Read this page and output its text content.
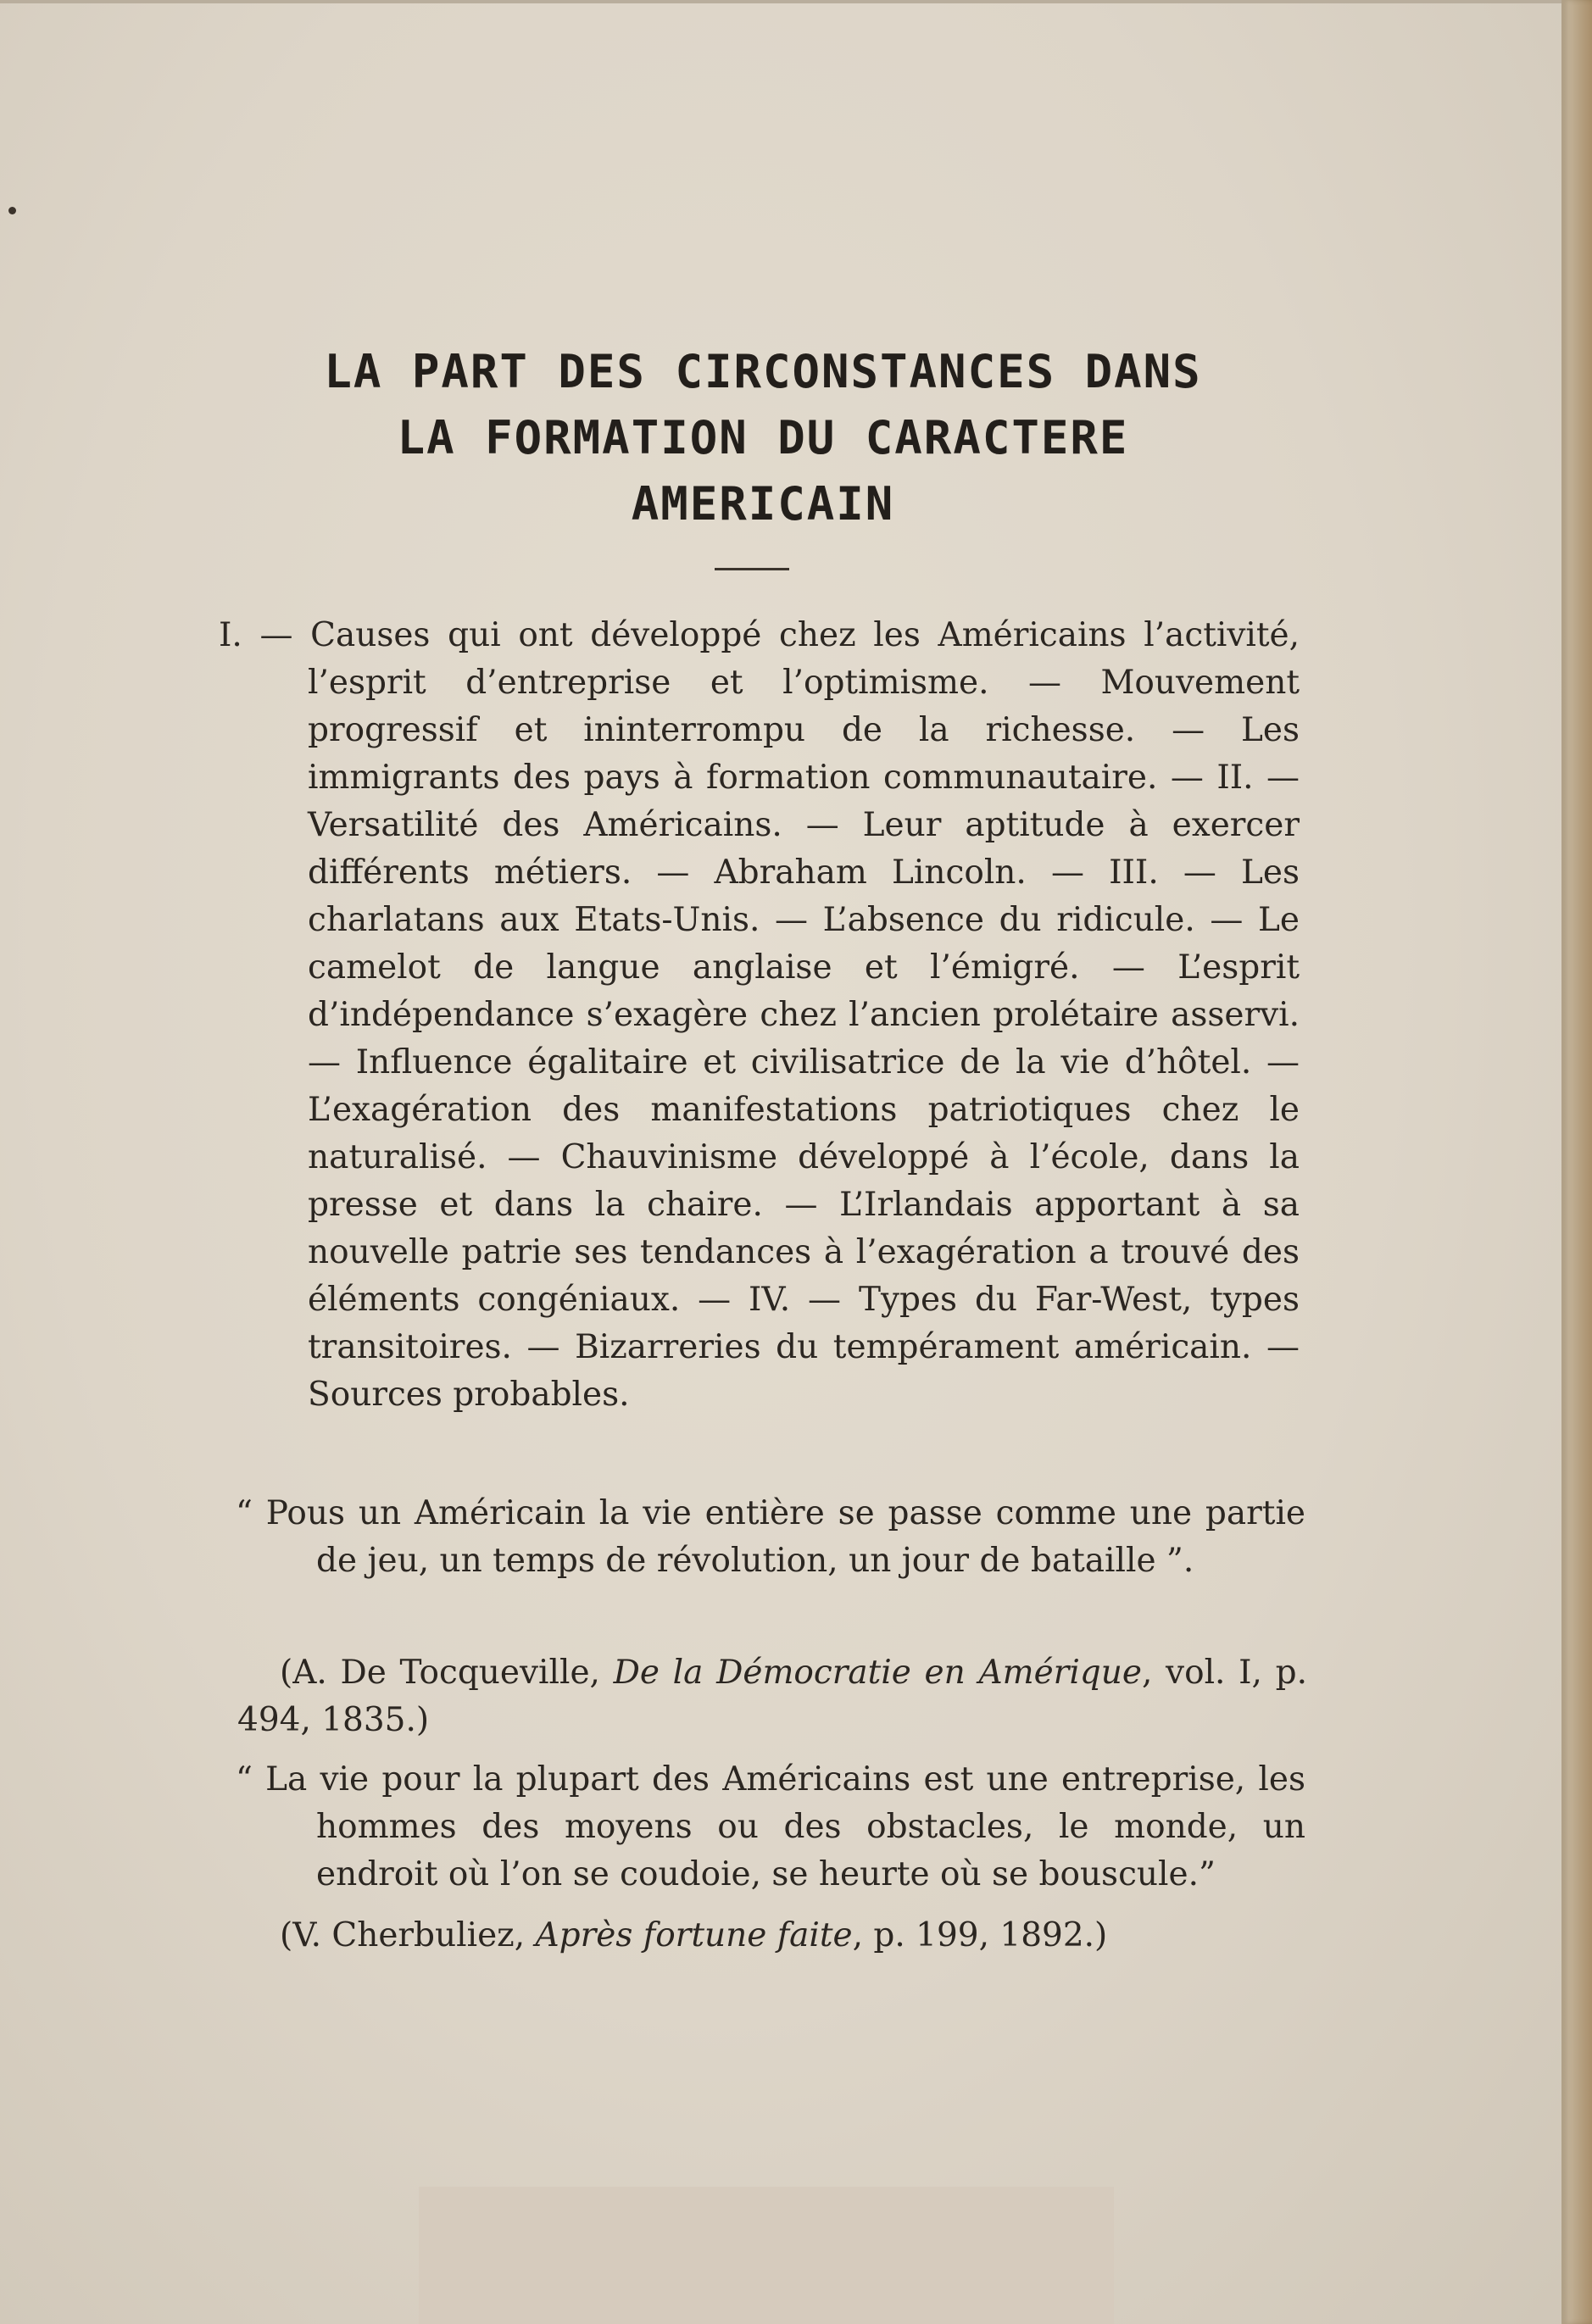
LA PART DES CIRCONSTANCES DANS
LA FORMATION DU CARACTERE
AMERICAIN
I. — Causes qui ont développé chez les Américains l’activité, l’esprit d’entreprise et l’optimisme. — Mouvement progressif et ininterrompu de la richesse. — Les immigrants des pays à formation communautaire. — II. — Versatilité des Américains. — Leur aptitude à exercer différents métiers. — Abraham Lincoln. — III. — Les charlatans aux Etats-Unis. — L’absence du ridicule. — Le camelot de langue anglaise et l’émigré. — L’esprit d’indépendance s’exagère chez l’ancien prolétaire asservi. — Influence égalitaire et civilisatrice de la vie d’hôtel. — L’exagération des manifestations patriotiques chez le naturalisé. — Chauvinisme développé à l’école, dans la presse et dans la chaire. — L’Irlandais apportant à sa nouvelle patrie ses tendances à l’exagération a trouvé des éléments congéniaux. — IV. — Types du Far-West, types transitoires. — Bizarreries du tempérament américain. — Sources probables.
“ Pous un Américain la vie entière se passe comme une partie de jeu, un temps de révolution, un jour de bataille ”.
(A. De Tocqueville, De la Démocratie en Amérique, vol. I, p. 494, 1835.)
“ La vie pour la plupart des Américains est une entreprise, les hommes des moyens ou des obstacles, le monde, un endroit où l’on se coudoie, se heurte où se bouscule.”
(V. Cherbuliez, Après fortune faite, p. 199, 1892.)
